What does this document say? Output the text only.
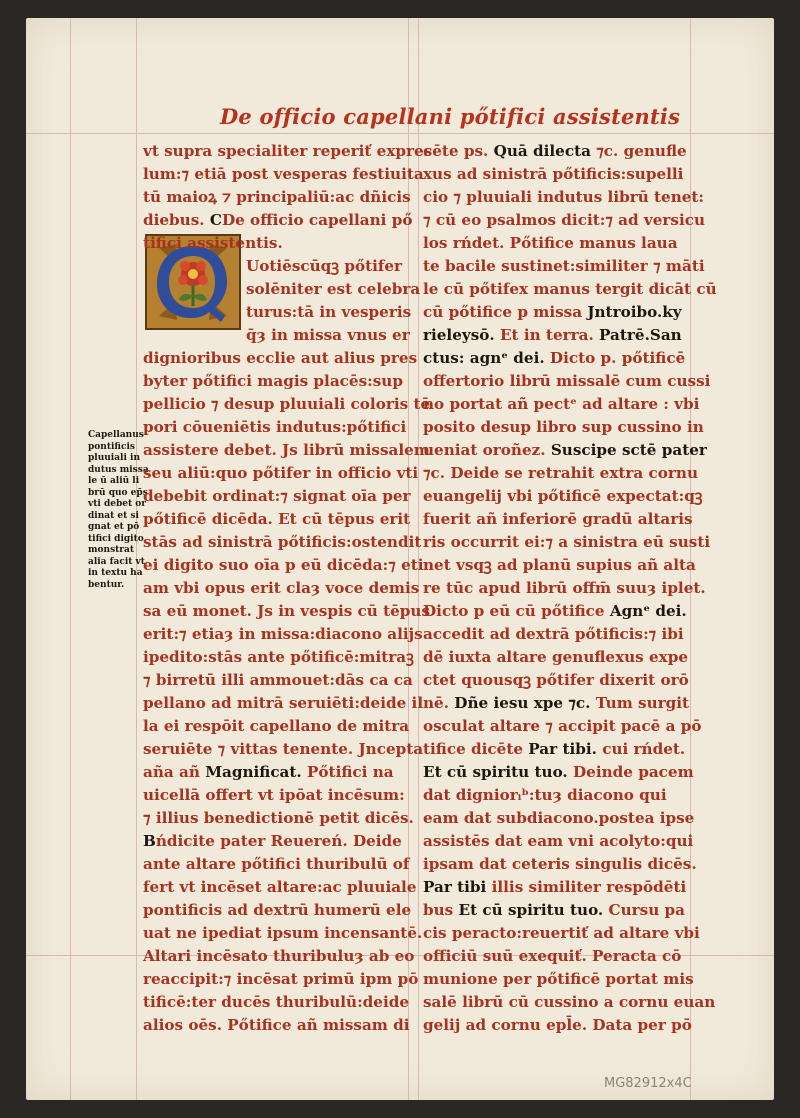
De officio capellani pőtifici assistentis
Capellanus
pontificis
pluuiali in
dutus missa
le ū aliū li
brū quo ep̄s
vti debet or
dinat et si
gnat et pō
tifici digito
monstrat
alia facit vt
in textu ha
bentur.
vt supra specialiter reperiť expres
lum:⁊ etiā post vesperas festiuita
tū maioꝝ ⁊ principaliū:ac dñicis
diebus. CDe officio capellani pő
tifici assistentis.
Uotiēscūqꝫ pőtifer
solēniter est celebra
turus:tā in vesperis
q̄ȝ in missa vnus er
dignioribus ecclie aut alius pres
byter pőtifici magis placēs:sup
pellicio ⁊ desup pluuiali coloris tē
pori cōueniētis indutus:pőtifici
assistere debet. Js librū missalem
seu aliū:quo pőtifer in officio vti
debebit ordinat:⁊ signat oīa per
pőtificē dicēda. Et cū tēpus erit
stās ad sinistrā pőtificis:ostendit
ei digito suo oīa p eū dicēda:⁊ eti
am vbi opus erit claȝ voce demis
sa eū monet. Js in vespis cū tēpus
erit:⁊ etiaȝ in missa:diacono alijs
ipedito:stās ante pőtificē:mitraꝫ
⁊ birretū illi ammouet:dās ca ca
pellano ad mitrā seruiēti:deide il
la ei respōit capellano de mitra
seruiēte ⁊ vittas tenente. Jncepta
aña añ Magnificat. Pőtifici na
uicellā offert vt ipōat incēsum:
⁊ illius benedictionē petit dicēs.
Bńdicite pater Reuereń. Deide
ante altare pőtifici thuribulū of
fert vt incēset altare:ac pluuiale
pontificis ad dextrū humerū ele
uat ne ipediat ipsum incensantē.
Altari incēsato thuribuluȝ ab eo
reaccipit:⁊ incēsat primū ipm pō
tificē:ter ducēs thuribulū:deide
alios oēs. Pőtifice añ missam di
cēte ps. Quā dilecta ⁊c. genufle
xus ad sinistrā pőtificis:supelli
cio ⁊ pluuiali indutus librū tenet:
⁊ cū eo psalmos dicit:⁊ ad versicu
los rńdet. Pőtifice manus laua
te bacile sustinet:similiter ⁊ māti
le cū pőtifex manus tergit dicāt cū
cū pőtifice p missa Jntroibo.ky
rieleysō. Et in terra. Patrē.San
ctus: agnᵉ dei. Dicto p. pőtificē
offertorio librū missalē cum cussi
no portat añ pectᵉ ad altare : vbi
posito desup libro sup cussino in
ueniat oroñez. Suscipe sctē pater
⁊c. Deide se retrahit extra cornu
euangelij vbi pőtificē expectat:qꝫ
fuerit añ inferiorē gradū altaris
ris occurrit ei:⁊ a sinistra eū susti
net vsqꝫ ad planū supius añ alta
re tūc apud librū offm̄ suuȝ iplet.
Dicto p eū cū pőtifice Agnᵉ dei.
accedit ad dextrā pőtificis:⁊ ibi
dē iuxta altare genuflexus expe
ctet quousqꝫ pőtifer dixerit orō
nē. Dñe iesu xpe ⁊c. Tum surgit
osculat altare ⁊ accipit pacē a pō
tifice dicēte Par tibi. cui rńdet.
Et cū spiritu tuo. Deinde pacem
dat digniorᵢᵇ:tuȝ diacono qui
eam dat subdiacono.postea ipse
assistēs dat eam vni acolyto:qui
ipsam dat ceteris singulis dicēs.
Par tibi illis similiter respōdēti
bus Et cū spiritu tuo. Cursu pa
cis peracto:reuertiť ad altare vbi
officiū suū exequiť. Peracta cō
munione per pőtificē portat mis
salē librū cū cussino a cornu euan
gelij ad cornu epl̄e. Data per pō
MG82912x4C
